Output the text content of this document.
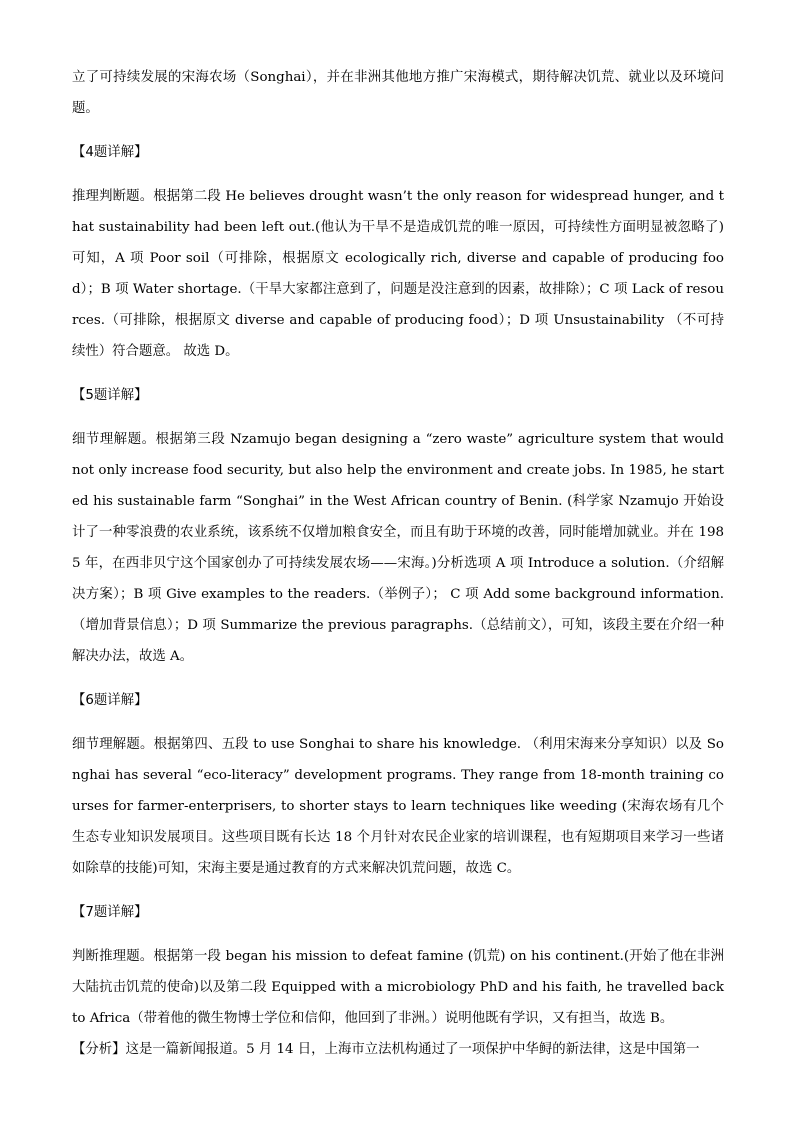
立了可持续发展的宋海农场（Songhai），并在非洲其他地方推广宋海模式，期待解决饥荒、就业以及环境问题。

【4题详解】

推理判断题。根据第二段 He believes drought wasn’t the only reason for widespread hunger, and that sustainability had been left out.(他认为干旱不是造成饥荒的唯一原因，可持续性方面明显被忽略了)可知，A 项 Poor soil（可排除，根据原文 ecologically rich, diverse and capable of producing food）；B 项 Water shortage.（干旱大家都注意到了，问题是没注意到的因素，故排除）；C 项 Lack of resources.（可排除，根据原文 diverse and capable of producing food）；D 项 Unsustainability （不可持续性）符合题意。 故选 D。

【5题详解】

细节理解题。根据第三段 Nzamujo began designing a “zero waste” agriculture system that would not only increase food security, but also help the environment and create jobs. In 1985, he started his sustainable farm “Songhai” in the West African country of Benin. (科学家 Nzamujo 开始设计了一种零浪费的农业系统，该系统不仅增加粮食安全，而且有助于环境的改善，同时能增加就业。并在 1985 年，在西非贝宁这个国家创办了可持续发展农场——宋海。)分析选项 A 项 Introduce a solution.（介绍解决方案）；B 项 Give examples to the readers.（举例子）； C 项 Add some background information.（增加背景信息）；D 项 Summarize the previous paragraphs.（总结前文），可知，该段主要在介绍一种解决办法，故选 A。

【6题详解】

细节理解题。根据第四、五段 to use Songhai to share his knowledge. （利用宋海来分享知识）以及 Songhai has several “eco-literacy” development programs. They range from 18-month training courses for farmer-enterprisers, to shorter stays to learn techniques like weeding (宋海农场有几个生态专业知识发展项目。这些项目既有长达 18 个月针对农民企业家的培训课程，也有短期项目来学习一些诸如除草的技能)可知，宋海主要是通过教育的方式来解决饥荒问题，故选 C。

【7题详解】

判断推理题。根据第一段 began his mission to defeat famine (饥荒) on his continent.(开始了他在非洲大陆抗击饥荒的使命)以及第二段 Equipped with a microbiology PhD and his faith, he travelled back to Africa（带着他的微生物博士学位和信仰，他回到了非洲。）说明他既有学识，又有担当，故选 B。

【分析】这是一篇新闻报道。5 月 14 日，上海市立法机构通过了一项保护中华鲟的新法律，这是中国第一
